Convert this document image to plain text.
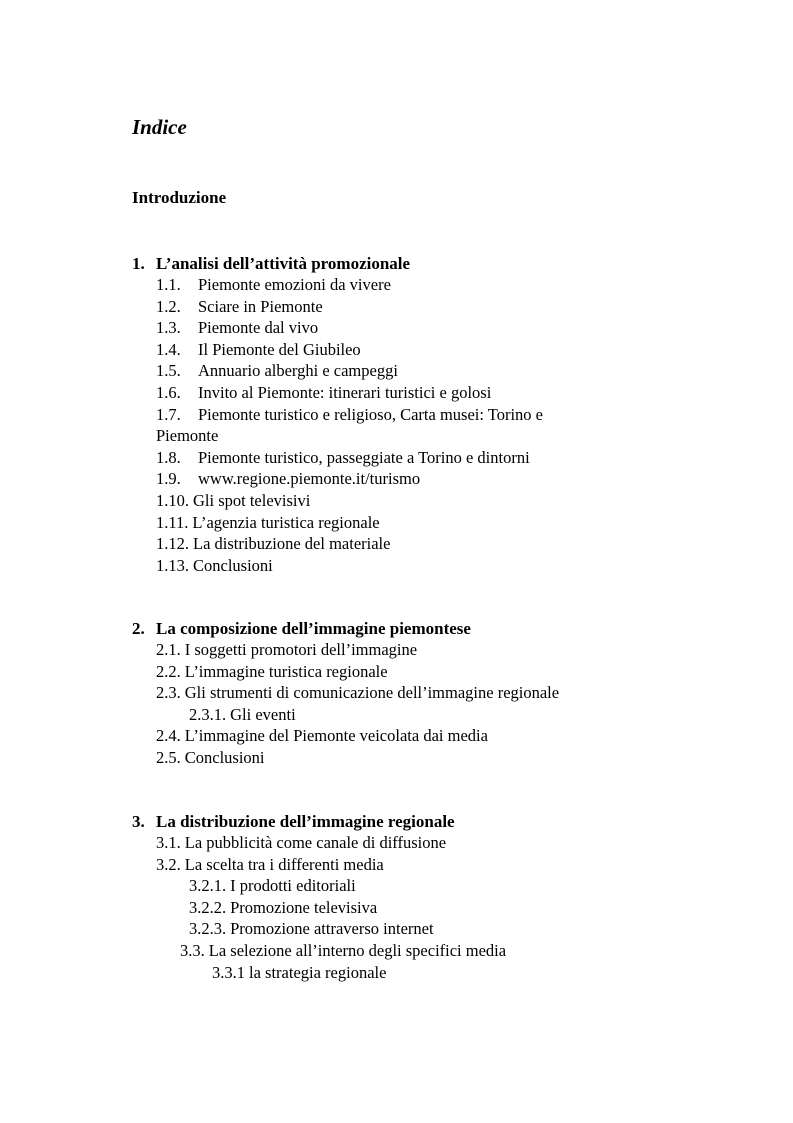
Indice
Introduzione
1. L’analisi dell’attività promozionale
1.1. Piemonte emozioni da vivere
1.2. Sciare in Piemonte
1.3. Piemonte dal vivo
1.4. Il Piemonte del Giubileo
1.5. Annuario alberghi e campeggi
1.6. Invito al Piemonte: itinerari turistici e golosi
1.7. Piemonte turistico e religioso, Carta musei: Torino e
Piemonte
1.8. Piemonte turistico, passeggiate a Torino e dintorni
1.9. www.regione.piemonte.it/turismo
1.10. Gli spot televisivi
1.11. L’agenzia turistica regionale
1.12. La distribuzione del materiale
1.13. Conclusioni
2. La composizione dell’immagine piemontese
2.1. I soggetti promotori dell’immagine
2.2. L’immagine turistica regionale
2.3. Gli strumenti di comunicazione dell’immagine regionale
2.3.1. Gli eventi
2.4. L’immagine del Piemonte veicolata dai media
2.5. Conclusioni
3. La distribuzione dell’immagine regionale
3.1. La pubblicità come canale di diffusione
3.2. La scelta tra i differenti media
3.2.1. I prodotti editoriali
3.2.2. Promozione televisiva
3.2.3. Promozione attraverso internet
3.3. La selezione all’interno degli specifici media
3.3.1 la strategia regionale
